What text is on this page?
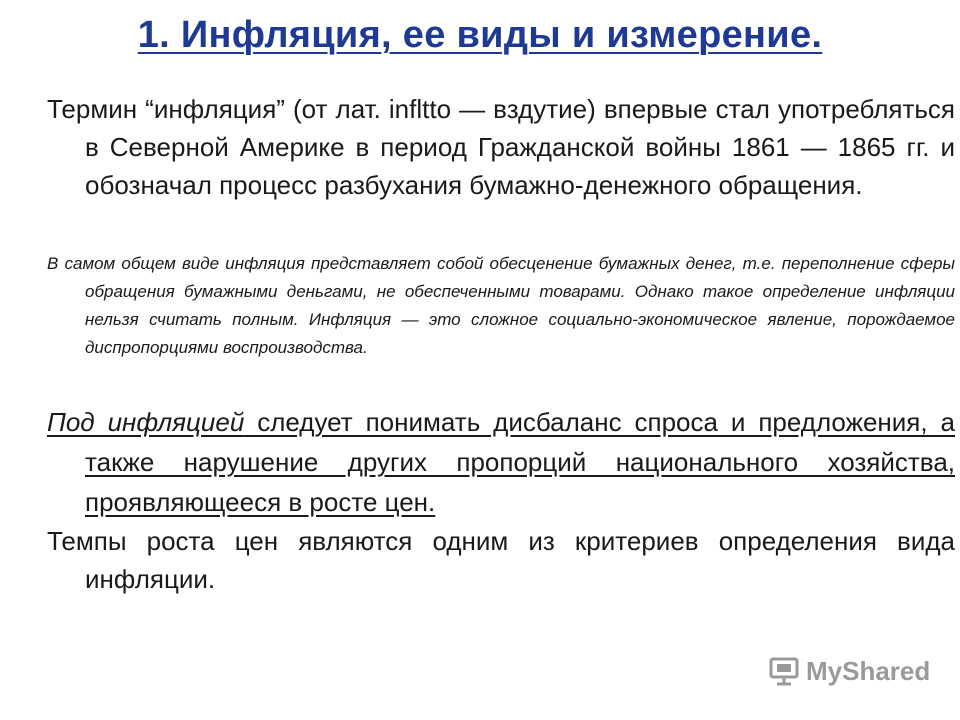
1. Инфляция, ее виды и измерение.

Термин “инфляция” (от лат. infltto — вздутие) впервые стал употребляться в Северной Америке в период Гражданской войны 1861 — 1865 гг. и обозначал процесс разбухания бумажно-денежного обращения.

В самом общем виде инфляция представляет собой обесценение бумажных денег, т.е. переполнение сферы обращения бумажными деньгами, не обеспеченными товарами. Однако такое определение инфляции нельзя считать полным. Инфляция — это сложное социально-экономическое явление, порождаемое диспропорциями воспроизводства.

Под инфляцией следует понимать дисбаланс спроса и предложения, а также нарушение других пропорций национального хозяйства, проявляющееся в росте цен.

Темпы роста цен являются одним из критериев определения вида инфляции.

MyShared
